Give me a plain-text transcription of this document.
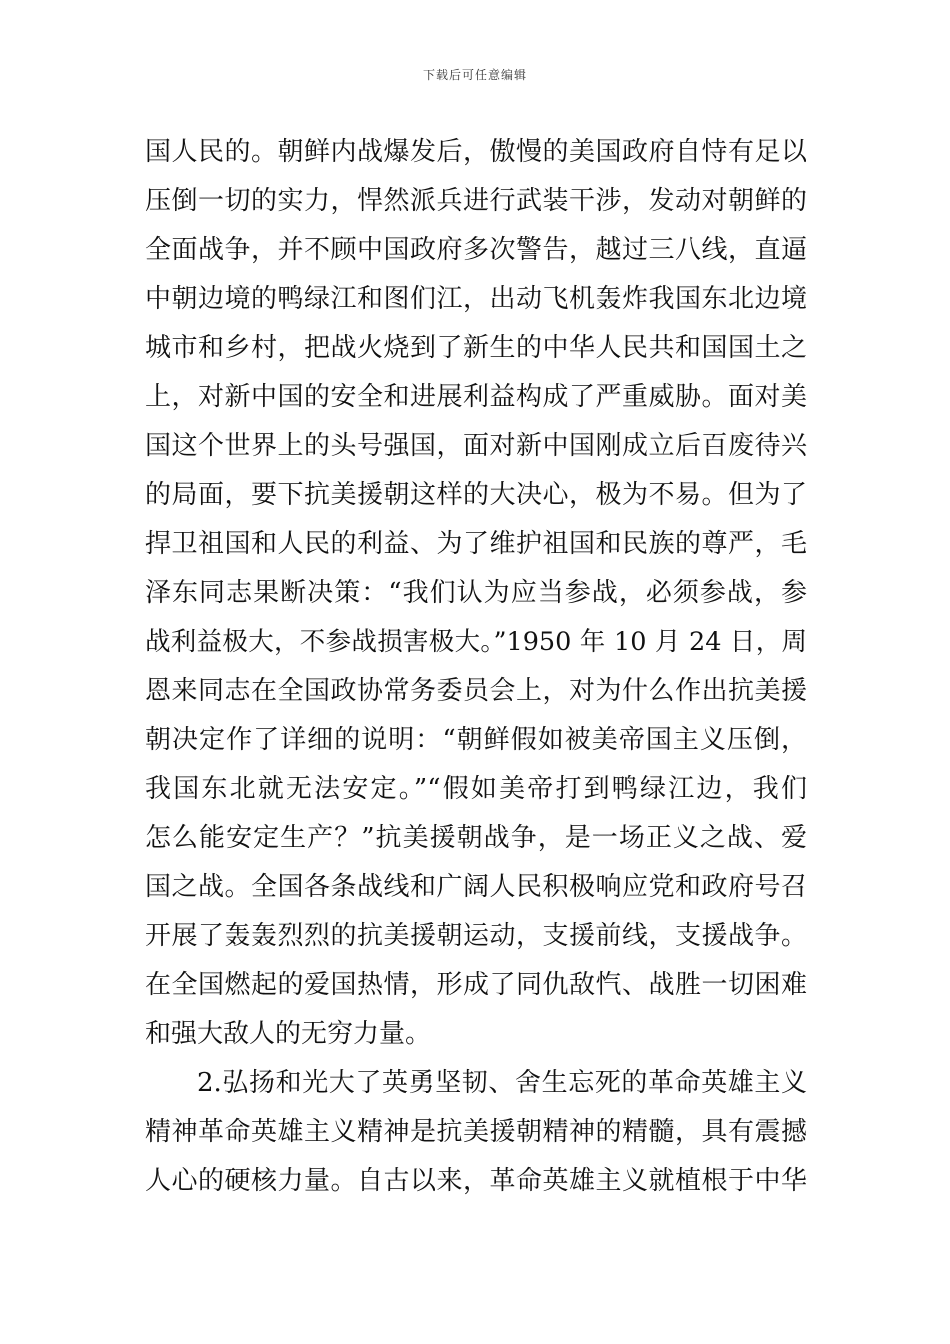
下载后可任意编辑
国人民的。朝鲜内战爆发后，傲慢的美国政府自恃有足以
压倒一切的实力，悍然派兵进行武装干涉，发动对朝鲜的
全面战争，并不顾中国政府多次警告，越过三八线，直逼
中朝边境的鸭绿江和图们江，出动飞机轰炸我国东北边境
城市和乡村，把战火烧到了新生的中华人民共和国国土之
上，对新中国的安全和进展利益构成了严重威胁。面对美
国这个世界上的头号强国，面对新中国刚成立后百废待兴
的局面，要下抗美援朝这样的大决心，极为不易。但为了
捍卫祖国和人民的利益、为了维护祖国和民族的尊严，毛
泽东同志果断决策：“我们认为应当参战，必须参战，参
战利益极大，不参战损害极大。”1950 年 10 月 24 日，周
恩来同志在全国政协常务委员会上，对为什么作出抗美援
朝决定作了详细的说明：“朝鲜假如被美帝国主义压倒，
我国东北就无法安定。”“假如美帝打到鸭绿江边，我们
怎么能安定生产？”抗美援朝战争，是一场正义之战、爱
国之战。全国各条战线和广阔人民积极响应党和政府号召
开展了轰轰烈烈的抗美援朝运动，支援前线，支援战争。
在全国燃起的爱国热情，形成了同仇敌忾、战胜一切困难
和强大敌人的无穷力量。
2.弘扬和光大了英勇坚韧、舍生忘死的革命英雄主义
精神革命英雄主义精神是抗美援朝精神的精髓，具有震撼
人心的硬核力量。自古以来，革命英雄主义就植根于中华
